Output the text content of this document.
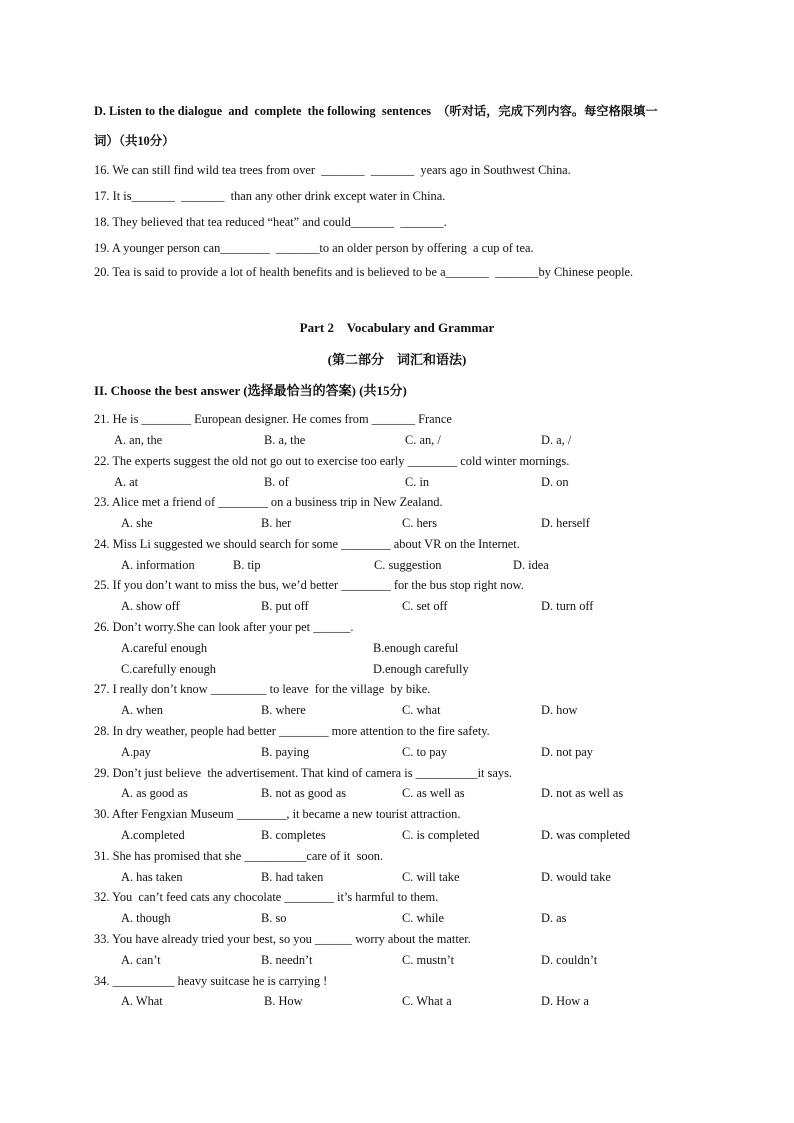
D. Listen to the dialogue  and  complete  the following  sentences  （听对话，完成下列内容。每空格限填一
词）（共10分）
16. We can still find wild tea trees from over  _______  _______  years ago in Southwest China.
17. It is_______  _______  than any other drink except water in China.
18. They believed that tea reduced “heat” and could_______  _______.
19. A younger person can________  _______to an older person by offering  a cup of tea.
20. Tea is said to provide a lot of health benefits and is believed to be a_______  _______by Chinese people.
Part 2    Vocabulary and Grammar
(第二部分    词汇和语法)
II. Choose the best answer (选择最恰当的答案) (共15分)
21. He is ________ European designer. He comes from _______ France
A. an, the	B. a, the	C. an, /	D. a, /
22. The experts suggest the old not go out to exercise too early ________ cold winter mornings.
A. at	B. of	C. in	D. on
23. Alice met a friend of ________ on a business trip in New Zealand.
A. she	B. her	C. hers	D. herself
24. Miss Li suggested we should search for some ________ about VR on the Internet.
A. information	B. tip	C. suggestion	D. idea
25. If you don’t want to miss the bus, we’d better ________ for the bus stop right now.
A. show off	B. put off	C. set off	D. turn off
26. Don’t worry.She can look after your pet ______.
A.careful enough	B.enough careful
C.carefully enough	D.enough carefully
27. I really don’t know _________ to leave  for the village  by bike.
A. when	B. where	C. what	D. how
28. In dry weather, people had better ________ more attention to the fire safety.
A.pay	B. paying	C. to pay	D. not pay
29. Don’t just believe  the advertisement. That kind of camera is __________it says.
A. as good as	B. not as good as	C. as well as	D. not as well as
30. After Fengxian Museum ________, it became a new tourist attraction.
A.completed	B. completes	C. is completed	D. was completed
31. She has promised that she __________care of it  soon.
A. has taken	B. had taken	C. will take	D. would take
32. You  can’t feed cats any chocolate ________ it’s harmful to them.
A. though	B. so	C. while	D. as
33. You have already tried your best, so you ______ worry about the matter.
A. can’t	B. needn’t	C. mustn’t	D. couldn’t
34. __________ heavy suitcase he is carrying !
A. What	B. How	C. What a	D. How a
